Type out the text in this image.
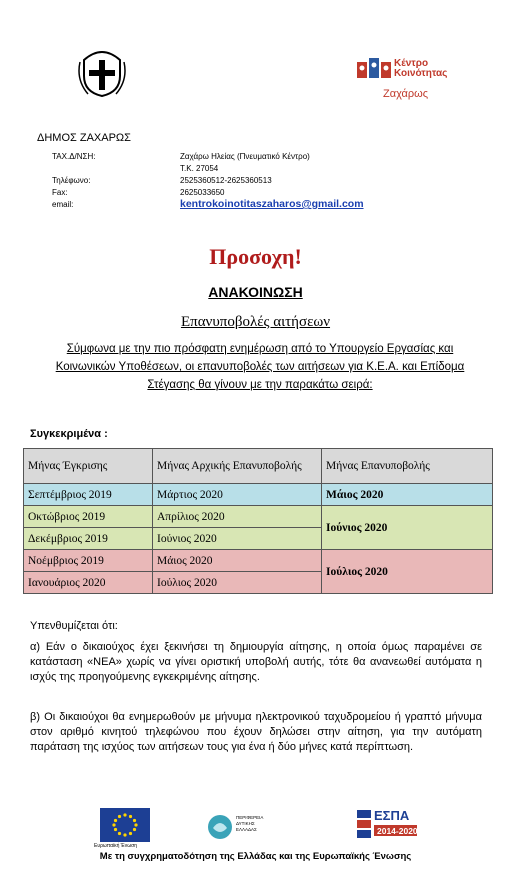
Κέντρο Κοινότητας
Ζαχάρως
ΔΗΜΟΣ ΖΑΧΑΡΩΣ
ΤΑΧ.Δ/ΝΣΗ:	Ζαχάρω Ηλείας (Πνευματικό Κέντρο)
Τ.Κ. 27054
Τηλέφωνο:	2525360512-2625360513
Fax:	2625033650
email:	kentrokoinotitaszaharos@gmail.com
Προσοχη!
ΑΝΑΚΟΙΝΩΣΗ
Επανυποβολές αιτήσεων
Σύμφωνα με την πιο πρόσφατη ενημέρωση από το Υπουργείο Εργασίας και Κοινωνικών Υποθέσεων, οι επανυποβολές των αιτήσεων για Κ.Ε.Α. και Επίδομα Στέγασης θα γίνουν με την παρακάτω σειρά:
Συγκεκριμένα :
Μήνας Έγκρισης	Μήνας Αρχικής Επανυποβολής	Μήνας Επανυποβολής
Σεπτέμβριος 2019	Μάρτιος 2020	Μάιος 2020
Οκτώβριος 2019	Απρίλιος 2020	Ιούνιος 2020
Δεκέμβριος 2019	Ιούνιος 2020	
Νοέμβριος 2019	Μάιος 2020	Ιούλιος 2020
Ιανουάριος 2020	Ιούλιος 2020	
Υπενθυμίζεται ότι:
α) Εάν ο δικαιούχος έχει ξεκινήσει τη δημιουργία αίτησης, η οποία όμως παραμένει σε κατάσταση «ΝΕΑ» χωρίς να γίνει οριστική υποβολή αυτής, τότε θα ανανεωθεί αυτόματα η ισχύς της προηγούμενης εγκεκριμένης αίτησης.
β) Οι δικαιούχοι θα ενημερωθούν με μήνυμα ηλεκτρονικού ταχυδρομείου ή γραπτό μήνυμα στον αριθμό κινητού τηλεφώνου που έχουν δηλώσει στην αίτηση, για την αυτόματη παράταση της ισχύος των αιτήσεων τους για ένα ή δύο μήνες κατά περίπτωση.
Ευρωπαϊκή Ένωση
ΠΕΡΙΦΕΡΕΙΑ ΔΥΤΙΚΗΣ ΕΛΛΑΔΑΣ
ΕΣΠΑ
2014-2020
Με τη συγχρηματοδότηση της Ελλάδας και της Ευρωπαϊκής Ένωσης
